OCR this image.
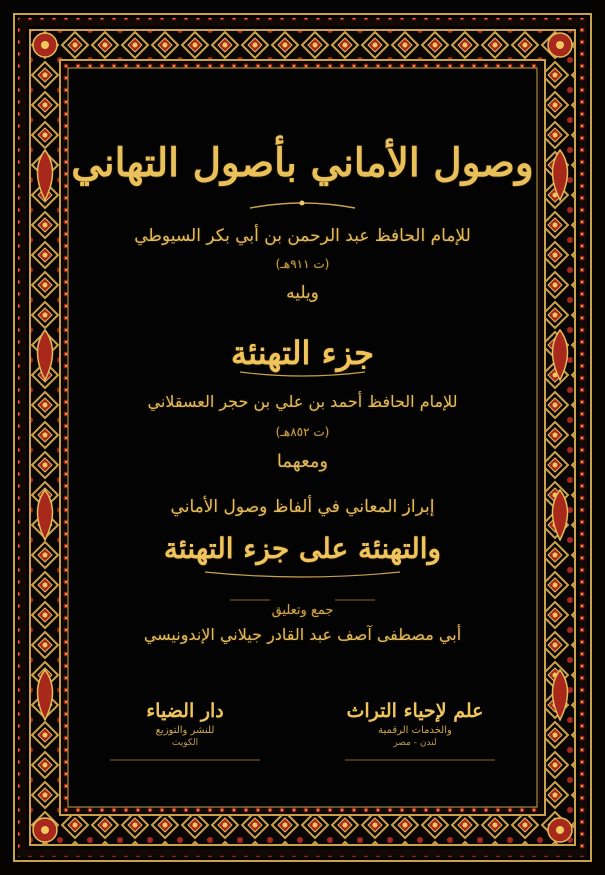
وصول الأماني بأصول التهاني
للإمام الحافظ عبد الرحمن بن أبي بكر السيوطي
(ت ٩١١هـ)
ويليه
جزء التهنئة
للإمام الحافظ أحمد بن علي بن حجر العسقلاني
(ت ٨٥٢هـ)
ومعهما
إبراز المعاني في ألفاظ وصول الأماني
والتهنئة على جزء التهنئة
جمع وتعليق
أبي مصطفى آصف عبد القادر جيلاني الإندونيسي
دار الضياء
للنشر والتوزيع
الكويت
علم لإحياء التراث
والخدمات الرقمية
لندن - مصر
